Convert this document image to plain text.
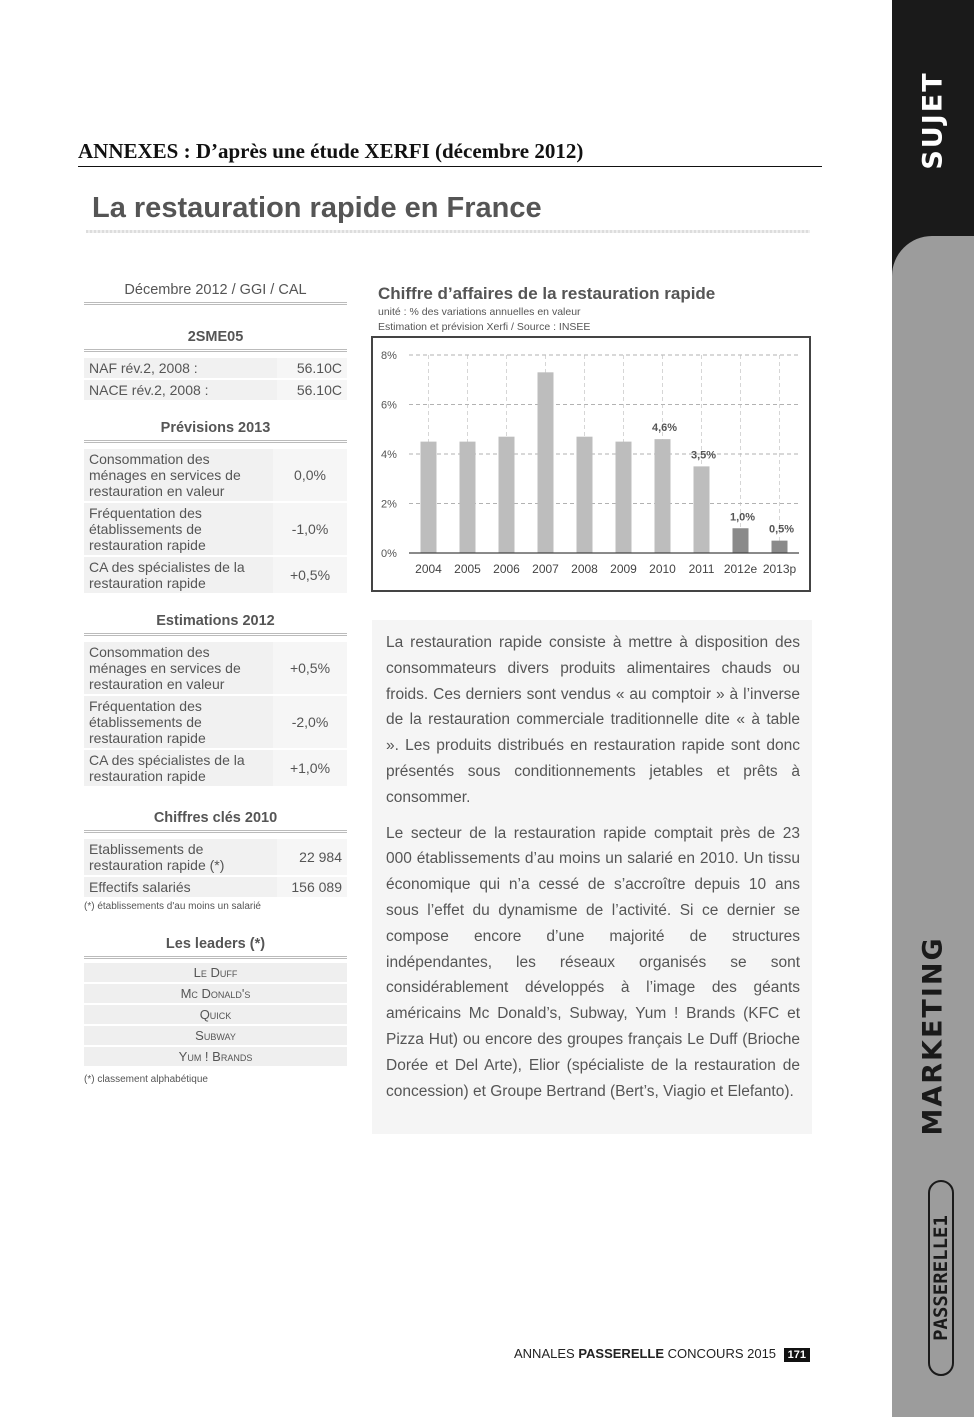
SUJET
MARKETING
PASSERELLE1
ANNEXES : D’après une étude XERFI (décembre 2012)
La restauration rapide en France
Décembre 2012 / GGI / CAL
2SME05
NAF rév.2, 2008 :	56.10C
NACE rév.2, 2008 :	56.10C
Prévisions 2013
Consommation des ménages en services de restauration en valeur	0,0%
Fréquentation des établissements de restauration rapide	-1,0%
CA des spécialistes de la restauration rapide	+0,5%
Estimations 2012
Consommation des ménages en services de restauration en valeur	+0,5%
Fréquentation des établissements de restauration rapide	-2,0%
CA des spécialistes de la restauration rapide	+1,0%
Chiffres clés 2010
Etablissements de restauration rapide (*)	22 984
Effectifs salariés	156 089
(*) établissements d'au moins un salarié
Les leaders (*)
Le Duff
Mc Donald's
Quick
Subway
Yum ! Brands
(*) classement alphabétique
Chiffre d’affaires de la restauration rapide
unité : % des variations annuelles en valeur
Estimation et prévision Xerfi / Source : INSEE
0%
2%
4%
6%
8%
2004 2005 2006 2007 2008 2009
4,6%
2010
3,5%
2011
1,0%
2012e
0,5%
2013p

La restauration rapide consiste à mettre à disposition des consommateurs divers produits alimentaires chauds ou froids. Ces derniers sont vendus « au comptoir » à l’inverse de la restauration commerciale traditionnelle dite « à table ». Les produits distribués en restauration rapide sont donc présentés sous conditionnements jetables et prêts à consommer.

Le secteur de la restauration rapide comptait près de 23 000 établissements d’au moins un salarié en 2010. Un tissu économique qui n’a cessé de s’accroître depuis 10 ans sous l’effet du dynamisme de l’activité. Si ce dernier se compose encore d’une majorité de structures indépendantes, les réseaux organisés se sont considérablement développés à l’image des géants américains Mc Donald’s, Subway, Yum ! Brands (KFC et Pizza Hut) ou encore des groupes français Le Duff (Brioche Dorée et Del Arte), Elior (spécialiste de la restauration de concession) et Groupe Bertrand (Bert’s, Viagio et Elefanto).

ANNALES PASSERELLE CONCOURS 2015 171
